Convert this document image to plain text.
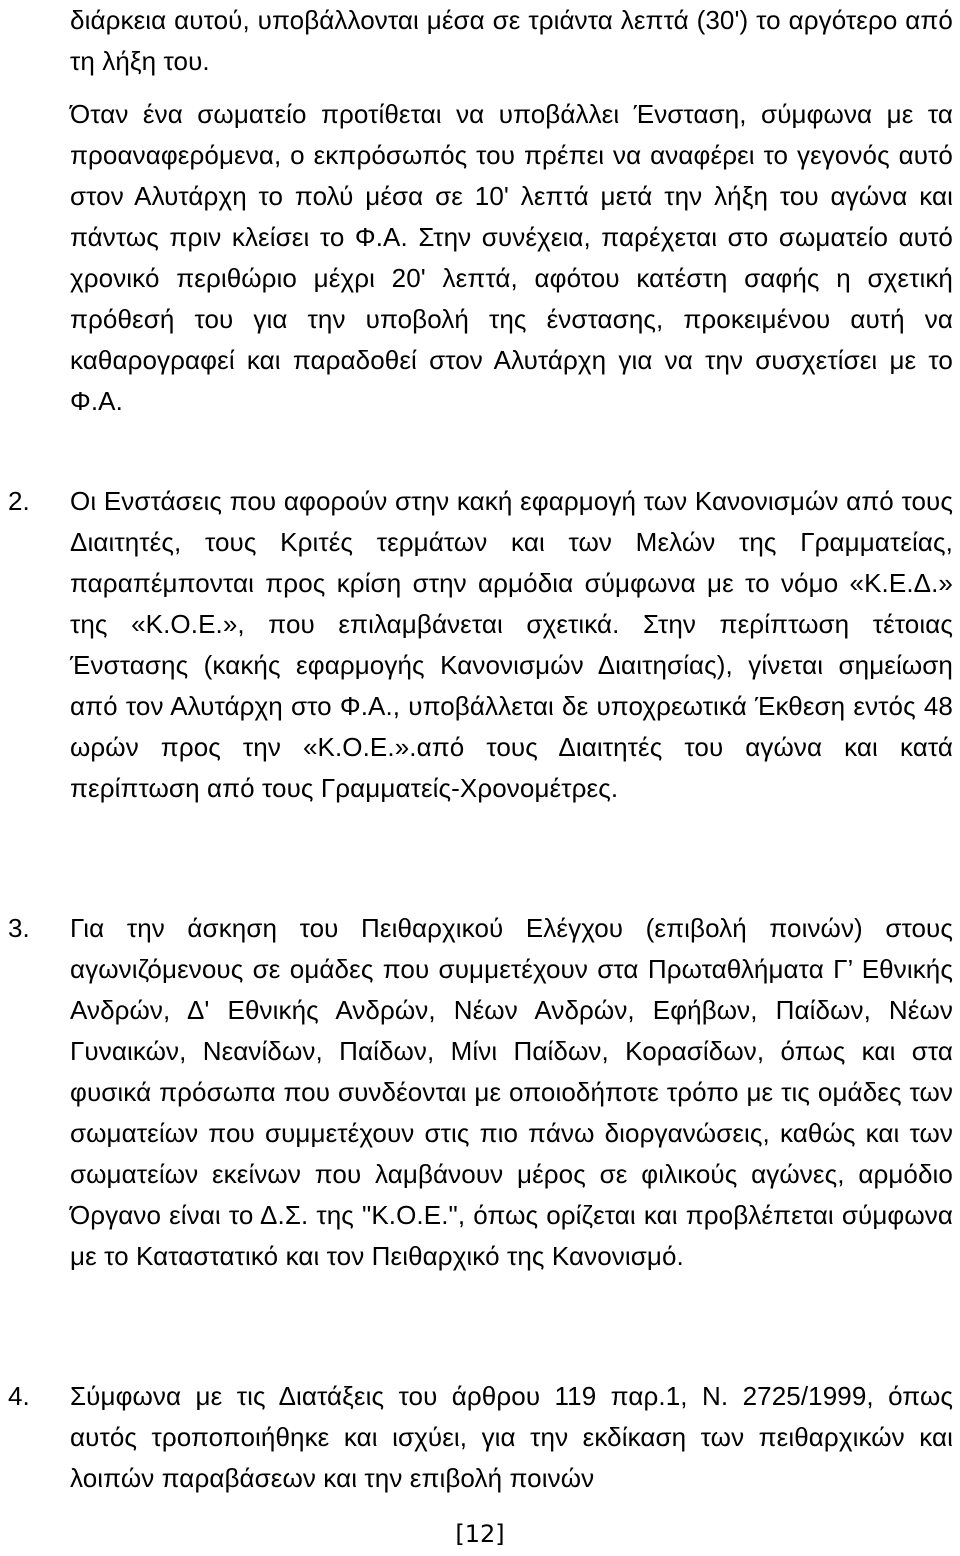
διάρκεια αυτού, υποβάλλονται μέσα σε τριάντα λεπτά (30') το αργότερο από τη λήξη του.

Όταν ένα σωματείο προτίθεται να υποβάλλει Ένσταση, σύμφωνα με τα προαναφερόμενα, ο εκπρόσωπός του πρέπει να αναφέρει το γεγονός αυτό στον Αλυτάρχη το πολύ μέσα σε 10' λεπτά μετά την λήξη του αγώνα και πάντως πριν κλείσει το Φ.Α. Στην συνέχεια, παρέχεται στο σωματείο αυτό χρονικό περιθώριο μέχρι 20' λεπτά, αφότου κατέστη σαφής η σχετική πρόθεσή του για την υποβολή της ένστασης, προκειμένου αυτή να καθαρογραφεί και παραδοθεί στον Αλυτάρχη για να την συσχετίσει με το Φ.Α.

2. Οι Ενστάσεις που αφορούν στην κακή εφαρμογή των Κανονισμών από τους Διαιτητές, τους Κριτές τερμάτων και των Μελών της Γραμματείας, παραπέμπονται προς κρίση στην αρμόδια σύμφωνα με το νόμο «Κ.Ε.Δ.» της «Κ.Ο.Ε.», που επιλαμβάνεται σχετικά. Στην περίπτωση τέτοιας Ένστασης (κακής εφαρμογής Κανονισμών Διαιτησίας), γίνεται σημείωση από τον Αλυτάρχη στο Φ.Α., υποβάλλεται δε υποχρεωτικά Έκθεση εντός 48 ωρών προς την «Κ.Ο.Ε.».από τους Διαιτητές του αγώνα και κατά περίπτωση από τους Γραμματείς-Χρονομέτρες.

3. Για την άσκηση του Πειθαρχικού Ελέγχου (επιβολή ποινών) στους αγωνιζόμενους σε ομάδες που συμμετέχουν στα Πρωταθλήματα Γ’ Εθνικής Ανδρών, Δ' Εθνικής Ανδρών, Νέων Ανδρών, Εφήβων, Παίδων, Νέων Γυναικών, Νεανίδων, Παίδων, Μίνι Παίδων, Κορασίδων, όπως και στα φυσικά πρόσωπα που συνδέονται με οποιοδήποτε τρόπο με τις ομάδες των σωματείων που συμμετέχουν στις πιο πάνω διοργανώσεις, καθώς και των σωματείων εκείνων που λαμβάνουν μέρος σε φιλικούς αγώνες, αρμόδιο Όργανο είναι το Δ.Σ. της "Κ.Ο.Ε.", όπως ορίζεται και προβλέπεται σύμφωνα με το Καταστατικό και τον Πειθαρχικό της Κανονισμό.

4. Σύμφωνα με τις Διατάξεις του άρθρου 119 παρ.1, Ν. 2725/1999, όπως αυτός τροποποιήθηκε και ισχύει, για την εκδίκαση των πειθαρχικών και λοιπών παραβάσεων και την επιβολή ποινών

[12]
